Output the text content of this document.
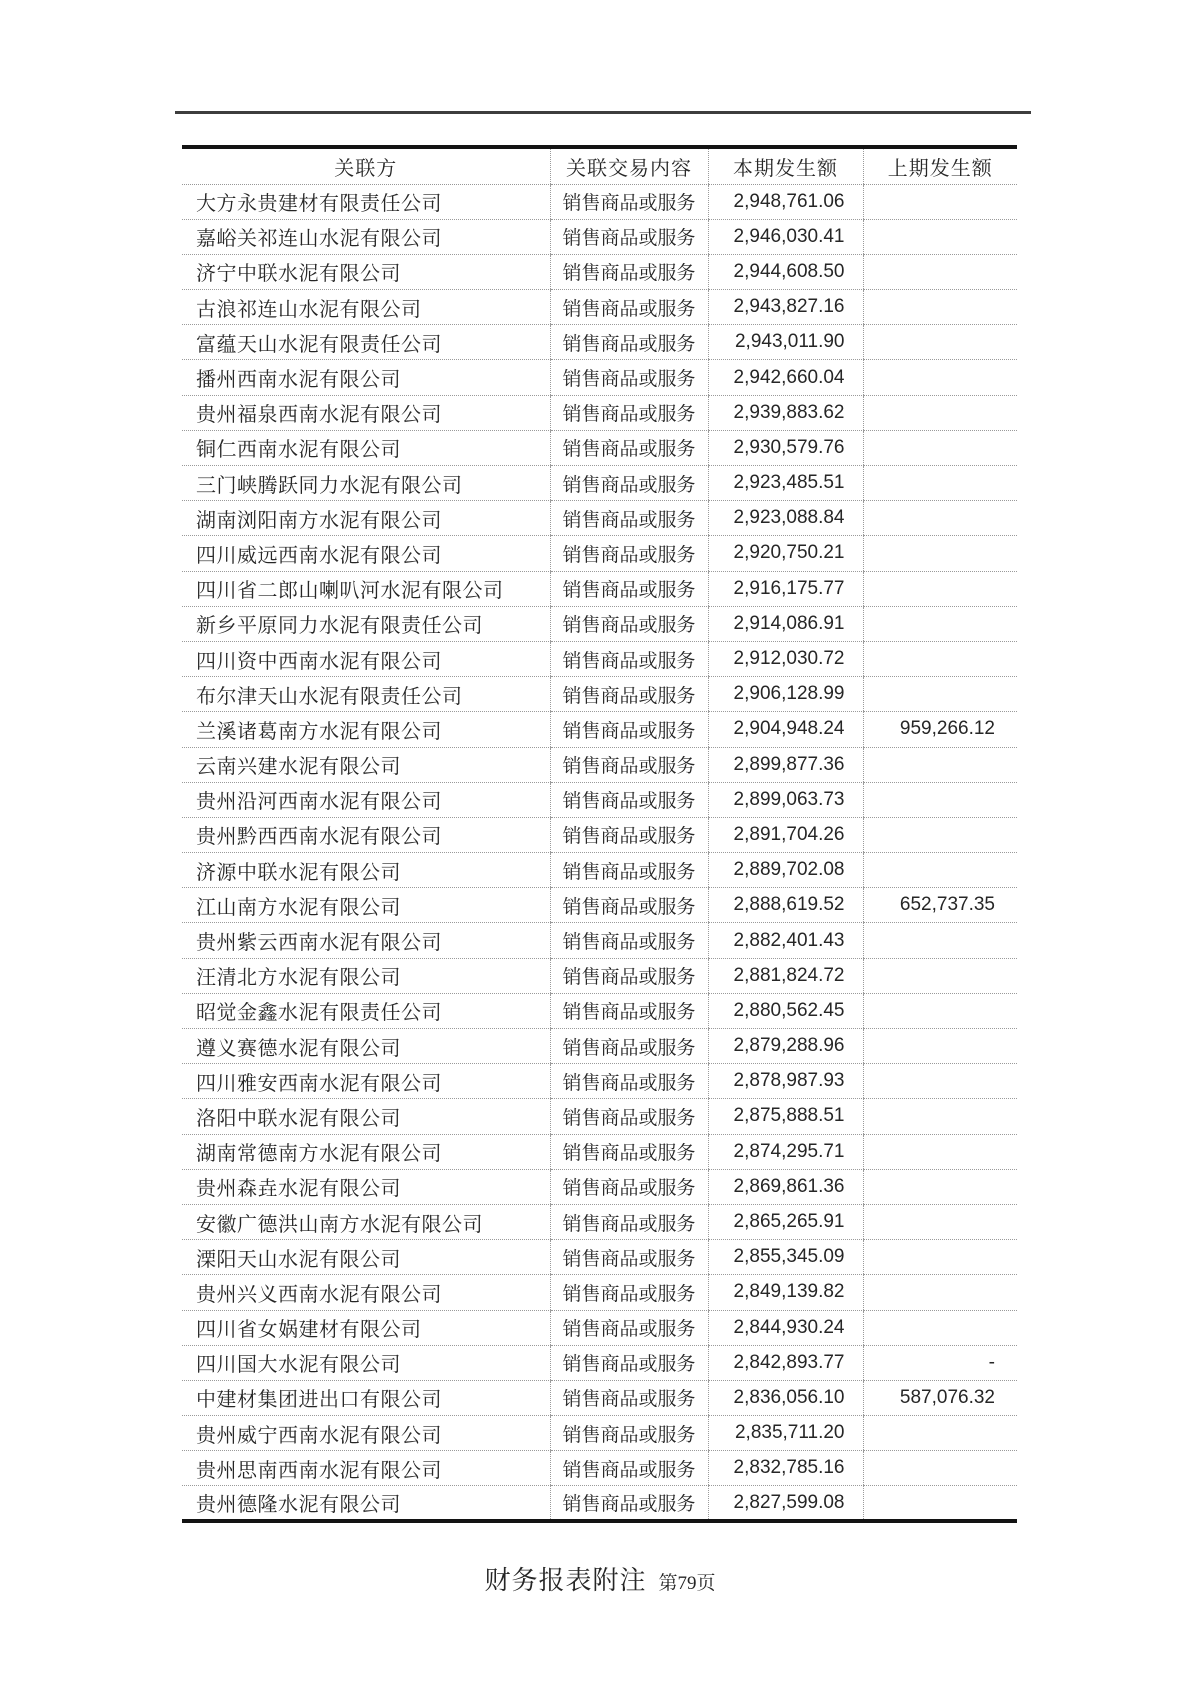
关联方	关联交易内容	本期发生额	上期发生额
大方永贵建材有限责任公司	销售商品或服务	2,948,761.06	
嘉峪关祁连山水泥有限公司	销售商品或服务	2,946,030.41	
济宁中联水泥有限公司	销售商品或服务	2,944,608.50	
古浪祁连山水泥有限公司	销售商品或服务	2,943,827.16	
富蕴天山水泥有限责任公司	销售商品或服务	2,943,011.90	
播州西南水泥有限公司	销售商品或服务	2,942,660.04	
贵州福泉西南水泥有限公司	销售商品或服务	2,939,883.62	
铜仁西南水泥有限公司	销售商品或服务	2,930,579.76	
三门峡腾跃同力水泥有限公司	销售商品或服务	2,923,485.51	
湖南浏阳南方水泥有限公司	销售商品或服务	2,923,088.84	
四川威远西南水泥有限公司	销售商品或服务	2,920,750.21	
四川省二郎山喇叭河水泥有限公司	销售商品或服务	2,916,175.77	
新乡平原同力水泥有限责任公司	销售商品或服务	2,914,086.91	
四川资中西南水泥有限公司	销售商品或服务	2,912,030.72	
布尔津天山水泥有限责任公司	销售商品或服务	2,906,128.99	
兰溪诸葛南方水泥有限公司	销售商品或服务	2,904,948.24	959,266.12
云南兴建水泥有限公司	销售商品或服务	2,899,877.36	
贵州沿河西南水泥有限公司	销售商品或服务	2,899,063.73	
贵州黔西西南水泥有限公司	销售商品或服务	2,891,704.26	
济源中联水泥有限公司	销售商品或服务	2,889,702.08	
江山南方水泥有限公司	销售商品或服务	2,888,619.52	652,737.35
贵州紫云西南水泥有限公司	销售商品或服务	2,882,401.43	
汪清北方水泥有限公司	销售商品或服务	2,881,824.72	
昭觉金鑫水泥有限责任公司	销售商品或服务	2,880,562.45	
遵义赛德水泥有限公司	销售商品或服务	2,879,288.96	
四川雅安西南水泥有限公司	销售商品或服务	2,878,987.93	
洛阳中联水泥有限公司	销售商品或服务	2,875,888.51	
湖南常德南方水泥有限公司	销售商品或服务	2,874,295.71	
贵州森垚水泥有限公司	销售商品或服务	2,869,861.36	
安徽广德洪山南方水泥有限公司	销售商品或服务	2,865,265.91	
溧阳天山水泥有限公司	销售商品或服务	2,855,345.09	
贵州兴义西南水泥有限公司	销售商品或服务	2,849,139.82	
四川省女娲建材有限公司	销售商品或服务	2,844,930.24	
四川国大水泥有限公司	销售商品或服务	2,842,893.77	-
中建材集团进出口有限公司	销售商品或服务	2,836,056.10	587,076.32
贵州威宁西南水泥有限公司	销售商品或服务	2,835,711.20	
贵州思南西南水泥有限公司	销售商品或服务	2,832,785.16	
贵州德隆水泥有限公司	销售商品或服务	2,827,599.08	
财务报表附注 第79页
